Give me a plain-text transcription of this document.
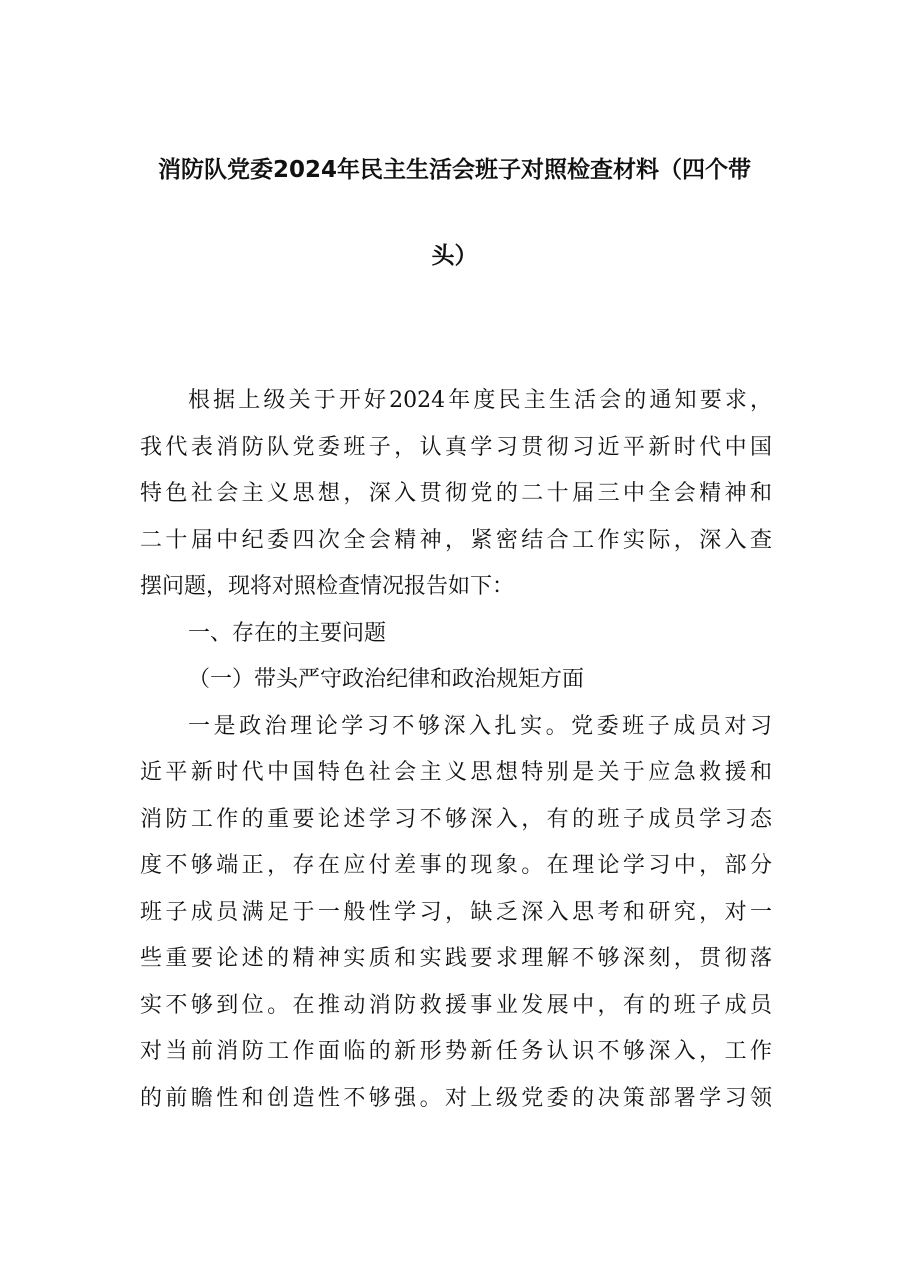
消防队党委2024年民主生活会班子对照检查材料（四个带
头）
根据上级关于开好2024年度民主生活会的通知要求，
我代表消防队党委班子，认真学习贯彻习近平新时代中国
特色社会主义思想，深入贯彻党的二十届三中全会精神和
二十届中纪委四次全会精神，紧密结合工作实际，深入查
摆问题，现将对照检查情况报告如下：
一、存在的主要问题
（一）带头严守政治纪律和政治规矩方面
一是政治理论学习不够深入扎实。党委班子成员对习
近平新时代中国特色社会主义思想特别是关于应急救援和
消防工作的重要论述学习不够深入，有的班子成员学习态
度不够端正，存在应付差事的现象。在理论学习中，部分
班子成员满足于一般性学习，缺乏深入思考和研究，对一
些重要论述的精神实质和实践要求理解不够深刻，贯彻落
实不够到位。在推动消防救援事业发展中，有的班子成员
对当前消防工作面临的新形势新任务认识不够深入，工作
的前瞻性和创造性不够强。对上级党委的决策部署学习领
